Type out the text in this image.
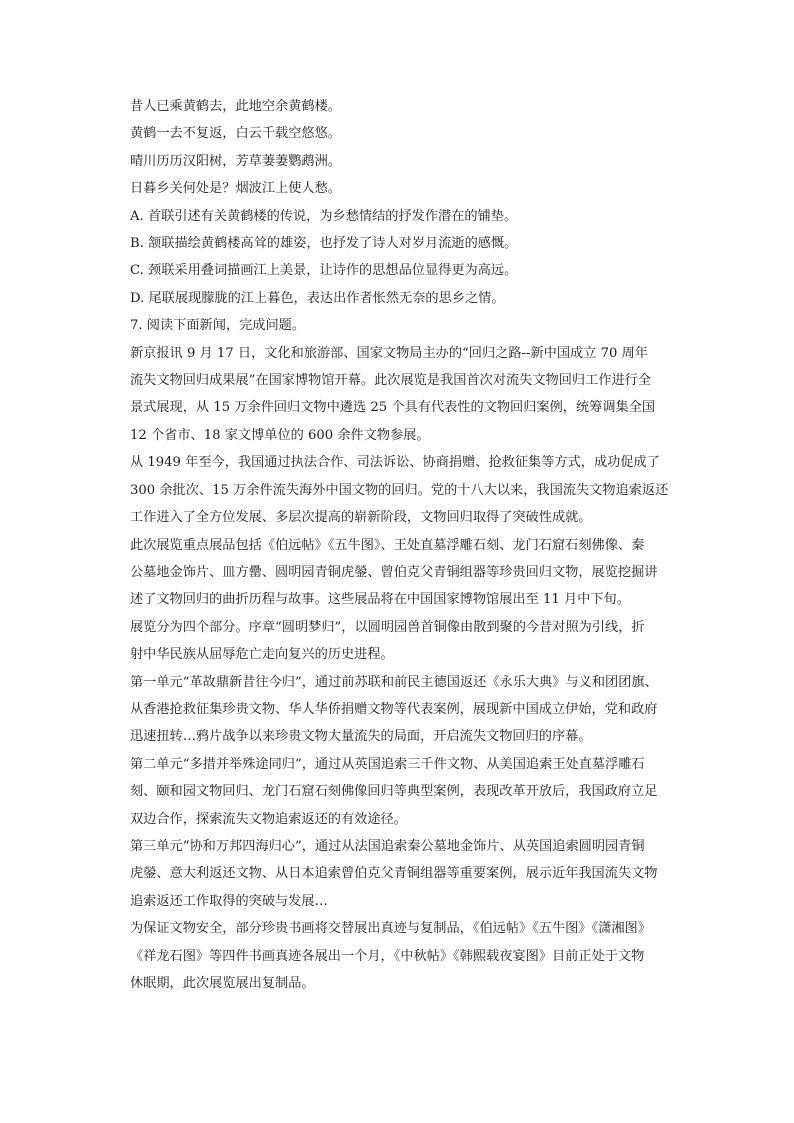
昔人已乘黄鹤去，此地空余黄鹤楼。
黄鹤一去不复返，白云千载空悠悠。
晴川历历汉阳树，芳草萋萋鹦鹉洲。
日暮乡关何处是？烟波江上使人愁。
A. 首联引述有关黄鹤楼的传说，为乡愁情结的抒发作潜在的铺垫。
B. 颔联描绘黄鹤楼高耸的雄姿，也抒发了诗人对岁月流逝的感慨。
C. 颈联采用叠词描画江上美景，让诗作的思想品位显得更为高远。
D. 尾联展现朦胧的江上暮色，表达出作者怅然无奈的思乡之情。
7. 阅读下面新闻，完成问题。
新京报讯 9 月 17 日，文化和旅游部、国家文物局主办的“回归之路--新中国成立 70 周年
流失文物回归成果展”在国家博物馆开幕。此次展览是我国首次对流失文物回归工作进行全
景式展现，从 15 万余件回归文物中遴选 25 个具有代表性的文物回归案例，统筹调集全国
12 个省市、18 家文博单位的 600 余件文物参展。
从 1949 年至今，我国通过执法合作、司法诉讼、协商捐赠、抢救征集等方式，成功促成了
300 余批次、15 万余件流失海外中国文物的回归。党的十八大以来，我国流失文物追索返还
工作进入了全方位发展、多层次提高的崭新阶段，文物回归取得了突破性成就。
此次展览重点展品包括《伯远帖》《五牛图》、王处直墓浮雕石刻、龙门石窟石刻佛像、秦
公墓地金饰片、皿方罍、圆明园青铜虎鎣、曾伯克父青铜组器等珍贵回归文物，展览挖掘讲
述了文物回归的曲折历程与故事。这些展品将在中国国家博物馆展出至 11 月中下旬。
展览分为四个部分。序章“圆明梦归”，以圆明园兽首铜像由散到聚的今昔对照为引线，折
射中华民族从屈辱危亡走向复兴的历史进程。
第一单元“革故鼎新昔往今归”，通过前苏联和前民主德国返还《永乐大典》与义和团团旗、
从香港抢救征集珍贵文物、华人华侨捐赠文物等代表案例，展现新中国成立伊始，党和政府
迅速扭转…鸦片战争以来珍贵文物大量流失的局面，开启流失文物回归的序幕。
第二单元“多措并举殊途同归”，通过从英国追索三千件文物、从美国追索王处直墓浮雕石
刻、颐和园文物回归、龙门石窟石刻佛像回归等典型案例，表现改革开放后，我国政府立足
双边合作，探索流失文物追索返还的有效途径。
第三单元“协和万邦四海归心”，通过从法国追索秦公墓地金饰片、从英国追索圆明园青铜
虎鎣、意大利返还文物、从日本追索曾伯克父青铜组器等重要案例，展示近年我国流失文物
追索返还工作取得的突破与发展…
为保证文物安全，部分珍贵书画将交替展出真迹与复制品，《伯远帖》《五牛图》《潇湘图》
《祥龙石图》等四件书画真迹各展出一个月，《中秋帖》《韩熙载夜宴图》目前正处于文物
休眠期，此次展览展出复制品。
